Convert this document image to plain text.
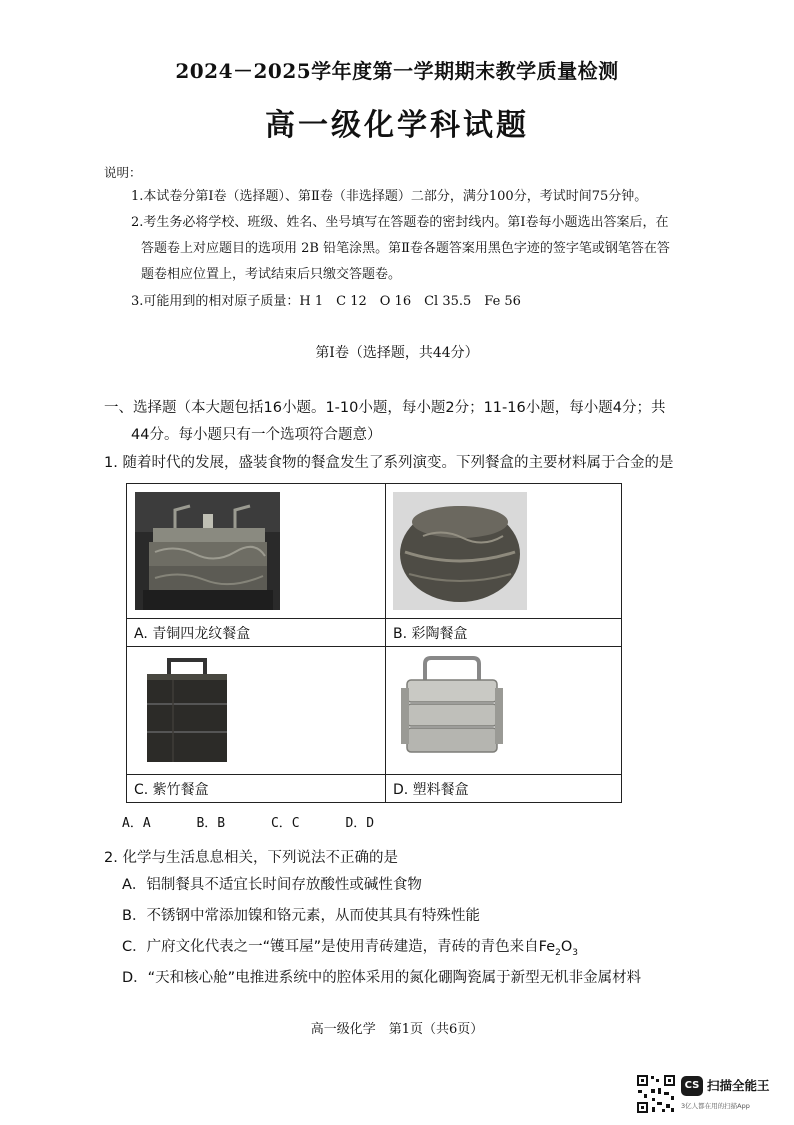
2024－2025学年度第一学期期末教学质量检测
高一级化学科试题
说明：
1.本试卷分第Ⅰ卷（选择题）、第Ⅱ卷（非选择题）二部分，满分100分，考试时间75分钟。
2.考生务必将学校、班级、姓名、坐号填写在答题卷的密封线内。第Ⅰ卷每小题选出答案后，在
答题卷上对应题目的选项用 2B 铅笔涂黑。第Ⅱ卷各题答案用黑色字迹的签字笔或钢笔答在答
题卷相应位置上，考试结束后只缴交答题卷。
3.可能用到的相对原子质量：H 1　C 12　O 16　Cl 35.5　Fe 56
第Ⅰ卷（选择题，共44分）
一、选择题（本大题包括16小题。1-10小题，每小题2分；11-16小题，每小题4分；共
44分。每小题只有一个选项符合题意）
1. 随着时代的发展，盛装食物的餐盒发生了系列演变。下列餐盒的主要材料属于合金的是
A. 青铜四龙纹餐盒	B. 彩陶餐盒
C. 紫竹餐盒	D. 塑料餐盒
A．A	B．B	C．C	D．D
2. 化学与生活息息相关，下列说法不正确的是
A．铝制餐具不适宜长时间存放酸性或碱性食物
B．不锈钢中常添加镍和铬元素，从而使其具有特殊性能
C．广府文化代表之一“镬耳屋”是使用青砖建造，青砖的青色来自$Fe_2O_3$
D．“天和核心舱”电推进系统中的腔体采用的氮化硼陶瓷属于新型无机非金属材料
高一级化学　第1页（共6页）
CS 扫描全能王
3亿人都在用的扫描App
